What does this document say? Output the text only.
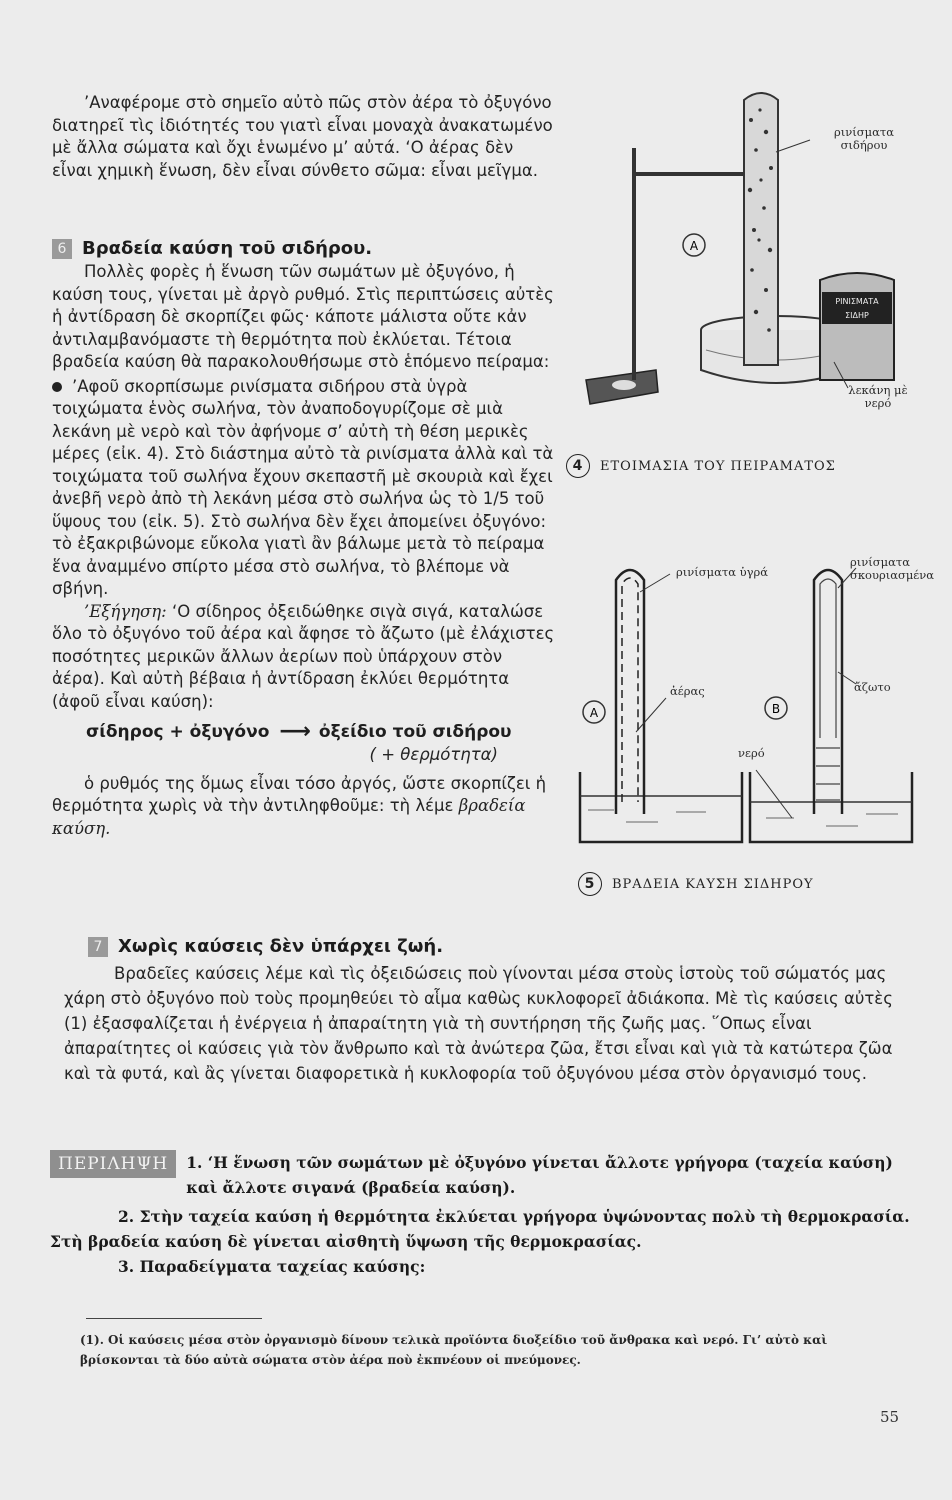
’Αναφέρομε στὸ σημεῖο αὐτὸ πῶς στὸν ἀέρα τὸ ὀξυγόνο διατηρεῖ τὶς ἰδιότητές του γιατὶ εἶναι μοναχὰ ἀνακατωμένο μὲ ἄλλα σώματα καὶ ὄχι ἑνωμένο μ’ αὐτά. ‘Ο ἀέρας δὲν εἶναι χημικὴ ἕνωση, δὲν εἶναι σύνθετο σῶμα: εἶναι μεῖγμα.

6 Βραδεία καύση τοῦ σιδήρου.

Πολλὲς φορὲς ἡ ἕνωση τῶν σωμάτων μὲ ὀξυγόνο, ἡ καύση τους, γίνεται μὲ ἀργὸ ρυθμό. Στὶς περιπτώσεις αὐτὲς ἡ ἀντίδραση δὲ σκορπίζει φῶς· κάποτε μάλιστα οὔτε κἀν ἀντιλαμβανόμαστε τὴ θερμότητα ποὺ ἐκλύεται. Τέτοια βραδεία καύση θὰ παρακολουθήσωμε στὸ ἑπόμενο πείραμα:

’Αφοῦ σκορπίσωμε ρινίσματα σιδήρου στὰ ὑγρὰ τοιχώματα ἑνὸς σωλήνα, τὸν ἀναποδογυρίζομε σὲ μιὰ λεκάνη μὲ νερὸ καὶ τὸν ἀφήνομε σ’ αὐτὴ τὴ θέση μερικὲς μέρες (εἰκ. 4). Στὸ διάστημα αὐτὸ τὰ ρινίσματα ἀλλὰ καὶ τὰ τοιχώματα τοῦ σωλήνα ἔχουν σκεπαστῆ μὲ σκουριὰ καὶ ἔχει ἀνεβῆ νερὸ ἀπὸ τὴ λεκάνη μέσα στὸ σωλήνα ὡς τὸ 1/5 τοῦ ὕψους του (εἰκ. 5). Στὸ σωλήνα δὲν ἔχει ἀπομείνει ὀξυγόνο: τὸ ἐξακριβώνομε εὔκολα γιατὶ ἂν βάλωμε μετὰ τὸ πείραμα ἕνα ἀναμμένο σπίρτο μέσα στὸ σωλήνα, τὸ βλέπομε νὰ σβήνη.

’Εξήγηση: ‘Ο σίδηρος ὀξειδώθηκε σιγὰ σιγά, καταλώσε ὅλο τὸ ὀξυγόνο τοῦ ἀέρα καὶ ἄφησε τὸ ἄζωτο (μὲ ἐλάχιστες ποσότητες μερικῶν ἄλλων ἀερίων ποὺ ὑπάρχουν στὸν ἀέρα). Καὶ αὐτὴ βέβαια ἡ ἀντίδραση ἐκλύει θερμότητα (ἀφοῦ εἶναι καύση):

σίδηρος + ὀξυγόνο ⟶ ὀξείδιο τοῦ σιδήρου
( + θερμότητα)

ὁ ρυθμός της ὅμως εἶναι τόσο ἀργός, ὥστε σκορπίζει ἡ θερμότητα χωρὶς νὰ τὴν ἀντιληφθοῦμε: τὴ λέμε βραδεία καύση.

ΡΙΝΙΣΜΑΤΑ
ΣΙΔΗΡ
A
ρινίσματα σιδήρου
λεκάνη μὲ νερό
4	ΕΤΟΙΜΑΣΙΑ ΤΟΥ ΠΕΙΡΑΜΑΤΟΣ
A	B
ρινίσματα ὑγρά
ρινίσματα σκουριασμένα
ἀέρας	ἄζωτο
νερό
5	ΒΡΑΔΕΙΑ ΚΑΥΣΗ ΣΙΔΗΡΟΥ
7 Χωρὶς καύσεις δὲν ὑπάρχει ζωή.

Βραδεῖες καύσεις λέμε καὶ τὶς ὀξειδώσεις ποὺ γίνονται μέσα στοὺς ἱστοὺς τοῦ σώματός μας χάρη στὸ ὀξυγόνο ποὺ τοὺς προμηθεύει τὸ αἷμα καθὼς κυκλοφορεῖ ἀδιάκοπα. Μὲ τὶς καύσεις αὐτὲς (1) ἐξασφαλίζεται ἡ ἐνέργεια ἡ ἀπαραίτητη γιὰ τὴ συντήρηση τῆς ζωῆς μας. ῞Οπως εἶναι ἀπαραίτητες οἱ καύσεις γιὰ τὸν ἄνθρωπο καὶ τὰ ἀνώτερα ζῶα, ἔτσι εἶναι καὶ γιὰ τὰ κατώτερα ζῶα καὶ τὰ φυτά, καὶ ἂς γίνεται διαφορετικὰ ἡ κυκλοφορία τοῦ ὀξυγόνου μέσα στὸν ὀργανισμό τους.

ΠΕΡΙΛΗΨΗ	1. ‘Η ἕνωση τῶν σωμάτων μὲ ὀξυγόνο γίνεται ἄλλοτε γρήγορα (ταχεία καύση) καὶ ἄλλοτε σιγανά (βραδεία καύση).
2. Στὴν ταχεία καύση ἡ θερμότητα ἐκλύεται γρήγορα ὑψώνοντας πολὺ τὴ θερμοκρασία.
Στὴ βραδεία καύση δὲ γίνεται αἰσθητὴ ὕψωση τῆς θερμοκρασίας.
3. Παραδείγματα ταχείας καύσης:
(1). Οἱ καύσεις μέσα στὸν ὀργανισμὸ δίνουν τελικὰ προϊόντα διοξείδιο τοῦ ἄνθρακα καὶ νερό. Γι’ αὐτὸ καὶ βρίσκονται τὰ δύο αὐτὰ σώματα στὸν ἀέρα ποὺ ἐκπνέουν οἱ πνεύμονες.
55
